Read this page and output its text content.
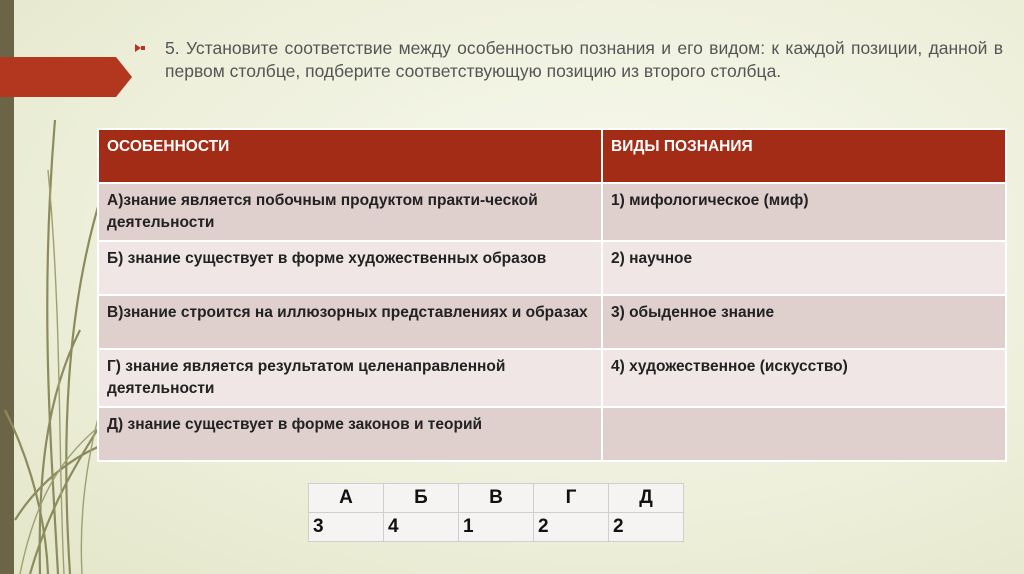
5. Установите соответствие между особенностью познания и его видом: к каждой позиции, данной в первом столбце, подберите соответствующую позицию из второго столбца.

ОСОБЕННОСТИ	ВИДЫ ПОЗНАНИЯ
А)знание является побочным продуктом практи-ческой деятельности	1) мифологическое (миф)
Б) знание существует в форме художественных образов	2) научное
В)знание строится на иллюзорных представлениях и образах	3) обыденное знание
Г) знание является результатом целенаправленной деятельности	4) художественное (искусство)
Д) знание существует в форме законов и теорий	
А	Б	В	Г	Д
3	4	1	2	2
